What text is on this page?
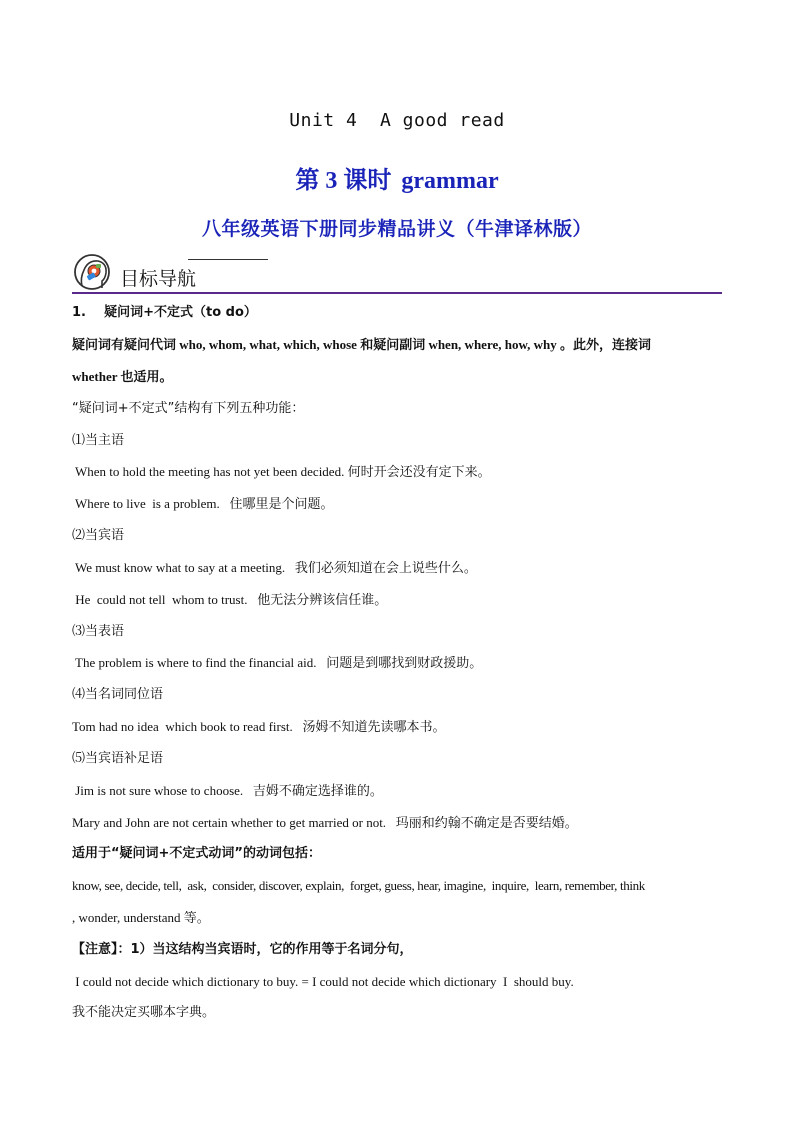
Unit 4  A good read
第 3 课时 grammar
八年级英语下册同步精品讲义（牛津译林版）
目标导航
1.    疑问词+不定式（to do）
疑问词有疑问代词 who, whom, what, which, whose 和疑问副词 when, where, how, why 。此外，连接词
whether 也适用。
“疑问词+不定式”结构有下列五种功能：
⑴当主语
When to hold the meeting has not yet been decided. 何时开会还没有定下来。
Where to live  is a problem.   住哪里是个问题。
⑵当宾语
We must know what to say at a meeting.   我们必须知道在会上说些什么。
He  could not tell  whom to trust.   他无法分辨该信任谁。
⑶当表语
The problem is where to find the financial aid.   问题是到哪找到财政援助。
⑷当名词同位语
Tom had no idea  which book to read first.   汤姆不知道先读哪本书。
⑸当宾语补足语
Jim is not sure whose to choose.   吉姆不确定选择谁的。
Mary and John are not certain whether to get married or not.   玛丽和约翰不确定是否要结婚。
适用于“疑问词+不定式动词”的动词包括：
know, see, decide, tell,  ask,  consider, discover, explain,  forget, guess, hear, imagine,  inquire,  learn, remember, think
, wonder, understand 等。
【注意】：1）当这结构当宾语时，它的作用等于名词分句，
I could not decide which dictionary to buy. = I could not decide which dictionary  I  should buy.
我不能决定买哪本字典。
